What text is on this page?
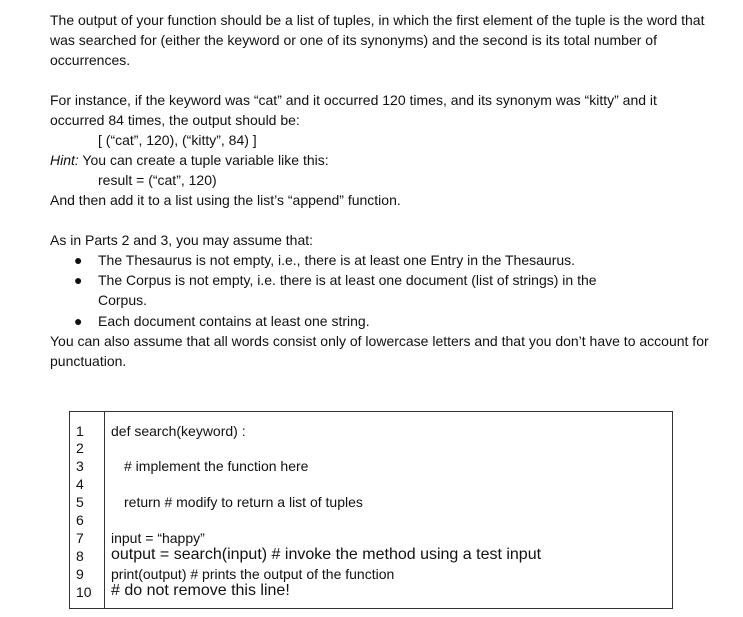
The output of your function should be a list of tuples, in which the first element of the tuple is the word that was searched for (either the keyword or one of its synonyms) and the second is its total number of occurrences.

For instance, if the keyword was “cat” and it occurred 120 times, and its synonym was “kitty” and it occurred 84 times, the output should be:

[ (“cat”, 120), (“kitty”, 84) ]

Hint: You can create a tuple variable like this:

result = (“cat”, 120)

And then add it to a list using the list’s “append” function.

As in Parts 2 and 3, you may assume that:

● The Thesaurus is not empty, i.e., there is at least one Entry in the Thesaurus.
● The Corpus is not empty, i.e. there is at least one document (list of strings) in the Corpus.
● Each document contains at least one string.

You can also assume that all words consist only of lowercase letters and that you don’t have to account for punctuation.

1
2
3
4
5
6
7
8
9
10
def search(keyword) :
# implement the function here
return # modify to return a list of tuples
input = “happy”
output = search(input) # invoke the method using a test input
print(output) # prints the output of the function
# do not remove this line!
